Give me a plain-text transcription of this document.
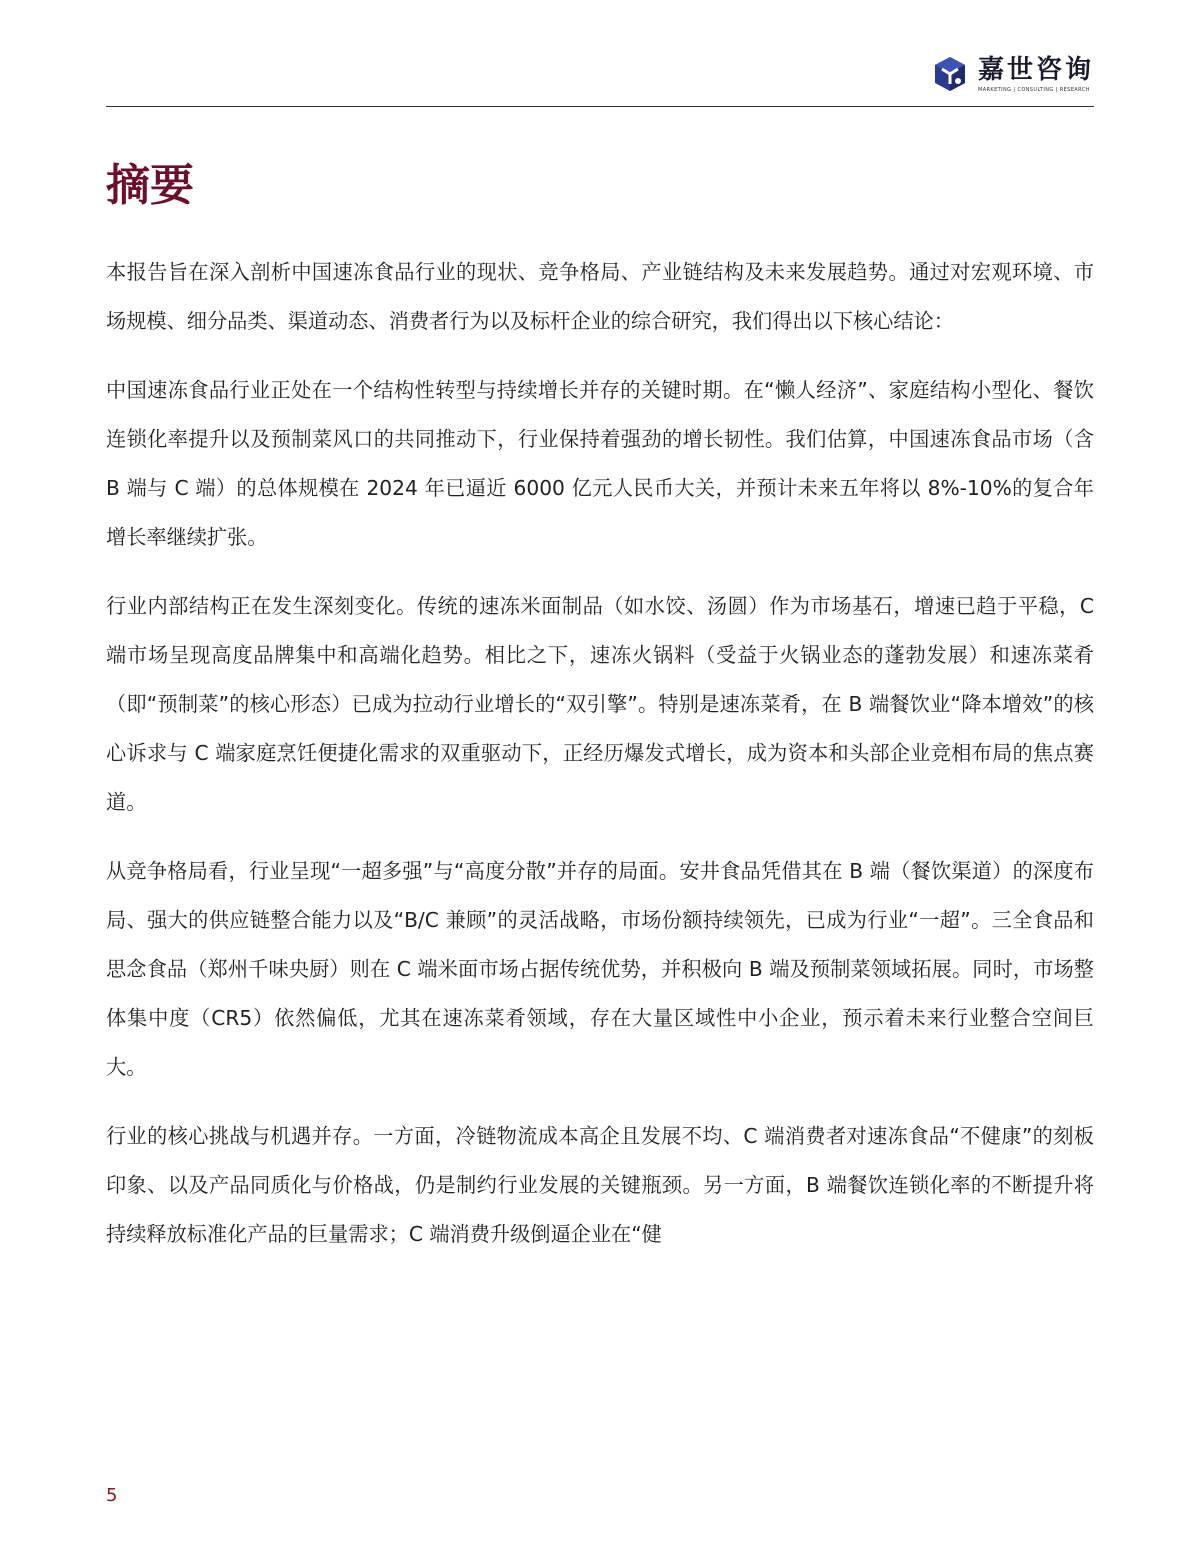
嘉世咨询
MARKETING | CONSULTING | RESEARCH
摘要

本报告旨在深入剖析中国速冻食品行业的现状、竞争格局、产业链结构及未来发展趋势。通过对宏观环境、市场规模、细分品类、渠道动态、消费者行为以及标杆企业的综合研究，我们得出以下核心结论：

中国速冻食品行业正处在一个结构性转型与持续增长并存的关键时期。在“懒人经济”、家庭结构小型化、餐饮连锁化率提升以及预制菜风口的共同推动下，行业保持着强劲的增长韧性。我们估算，中国速冻食品市场（含 B 端与 C 端）的总体规模在 2024 年已逼近 6000 亿元人民币大关，并预计未来五年将以 8%-10%的复合年增长率继续扩张。

行业内部结构正在发生深刻变化。传统的速冻米面制品（如水饺、汤圆）作为市场基石，增速已趋于平稳，C 端市场呈现高度品牌集中和高端化趋势。相比之下，速冻火锅料（受益于火锅业态的蓬勃发展）和速冻菜肴（即“预制菜”的核心形态）已成为拉动行业增长的“双引擎”。特别是速冻菜肴，在 B 端餐饮业“降本增效”的核心诉求与 C 端家庭烹饪便捷化需求的双重驱动下，正经历爆发式增长，成为资本和头部企业竞相布局的焦点赛道。

从竞争格局看，行业呈现“一超多强”与“高度分散”并存的局面。安井食品凭借其在 B 端（餐饮渠道）的深度布局、强大的供应链整合能力以及“B/C 兼顾”的灵活战略，市场份额持续领先，已成为行业“一超”。三全食品和思念食品（郑州千味央厨）则在 C 端米面市场占据传统优势，并积极向 B 端及预制菜领域拓展。同时，市场整体集中度（CR5）依然偏低，尤其在速冻菜肴领域，存在大量区域性中小企业，预示着未来行业整合空间巨大。

行业的核心挑战与机遇并存。一方面，冷链物流成本高企且发展不均、C 端消费者对速冻食品“不健康”的刻板印象、以及产品同质化与价格战，仍是制约行业发展的关键瓶颈。另一方面，B 端餐饮连锁化率的不断提升将持续释放标准化产品的巨量需求；C 端消费升级倒逼企业在“健

5
